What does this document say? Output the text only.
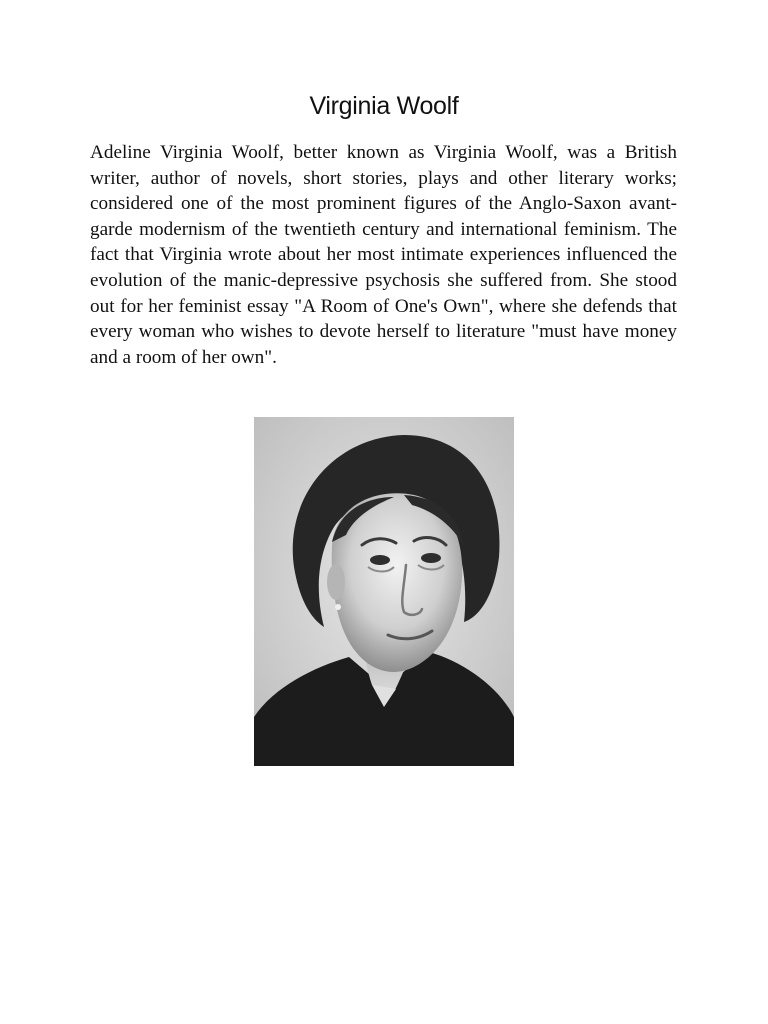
Virginia Woolf

Adeline Virginia Woolf, better known as Virginia Woolf, was a British writer, author of novels, short stories, plays and other literary works; considered one of the most prominent figures of the Anglo-Saxon avant-garde modernism of the twentieth century and international feminism. The fact that Virginia wrote about her most intimate experiences influenced the evolution of the manic-depressive psychosis she suffered from. She stood out for her feminist essay "A Room of One's Own", where she defends that every woman who wishes to devote herself to literature "must have money and a room of her own".
